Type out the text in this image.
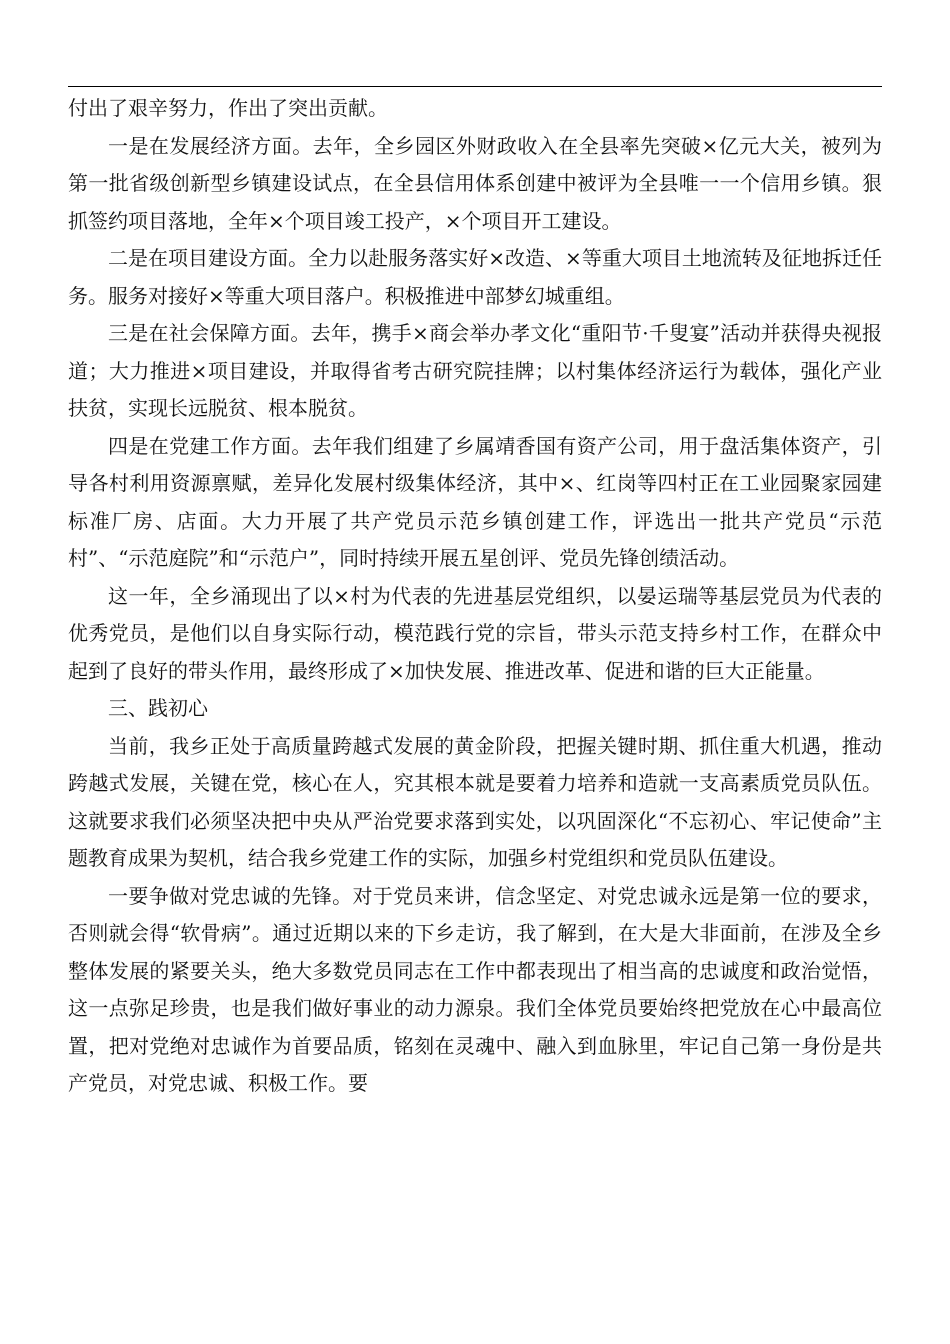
付出了艰辛努力，作出了突出贡献。

一是在发展经济方面。去年，全乡园区外财政收入在全县率先突破×亿元大关，被列为第一批省级创新型乡镇建设试点，在全县信用体系创建中被评为全县唯一一个信用乡镇。狠抓签约项目落地，全年×个项目竣工投产，×个项目开工建设。

二是在项目建设方面。全力以赴服务落实好×改造、×等重大项目土地流转及征地拆迁任务。服务对接好×等重大项目落户。积极推进中部梦幻城重组。

三是在社会保障方面。去年，携手×商会举办孝文化“重阳节·千叟宴”活动并获得央视报道；大力推进×项目建设，并取得省考古研究院挂牌；以村集体经济运行为载体，强化产业扶贫，实现长远脱贫、根本脱贫。

四是在党建工作方面。去年我们组建了乡属靖香国有资产公司，用于盘活集体资产，引导各村利用资源禀赋，差异化发展村级集体经济，其中×、红岗等四村正在工业园聚家园建标准厂房、店面。大力开展了共产党员示范乡镇创建工作，评选出一批共产党员“示范村”、“示范庭院”和“示范户”，同时持续开展五星创评、党员先锋创绩活动。

这一年，全乡涌现出了以×村为代表的先进基层党组织，以晏运瑞等基层党员为代表的优秀党员，是他们以自身实际行动，模范践行党的宗旨，带头示范支持乡村工作，在群众中起到了良好的带头作用，最终形成了×加快发展、推进改革、促进和谐的巨大正能量。

三、践初心

当前，我乡正处于高质量跨越式发展的黄金阶段，把握关键时期、抓住重大机遇，推动跨越式发展，关键在党，核心在人，究其根本就是要着力培养和造就一支高素质党员队伍。这就要求我们必须坚决把中央从严治党要求落到实处，以巩固深化“不忘初心、牢记使命”主题教育成果为契机，结合我乡党建工作的实际，加强乡村党组织和党员队伍建设。

一要争做对党忠诚的先锋。对于党员来讲，信念坚定、对党忠诚永远是第一位的要求，否则就会得“软骨病”。通过近期以来的下乡走访，我了解到，在大是大非面前，在涉及全乡整体发展的紧要关头，绝大多数党员同志在工作中都表现出了相当高的忠诚度和政治觉悟，这一点弥足珍贵，也是我们做好事业的动力源泉。我们全体党员要始终把党放在心中最高位置，把对党绝对忠诚作为首要品质，铭刻在灵魂中、融入到血脉里，牢记自己第一身份是共产党员，对党忠诚、积极工作。要
